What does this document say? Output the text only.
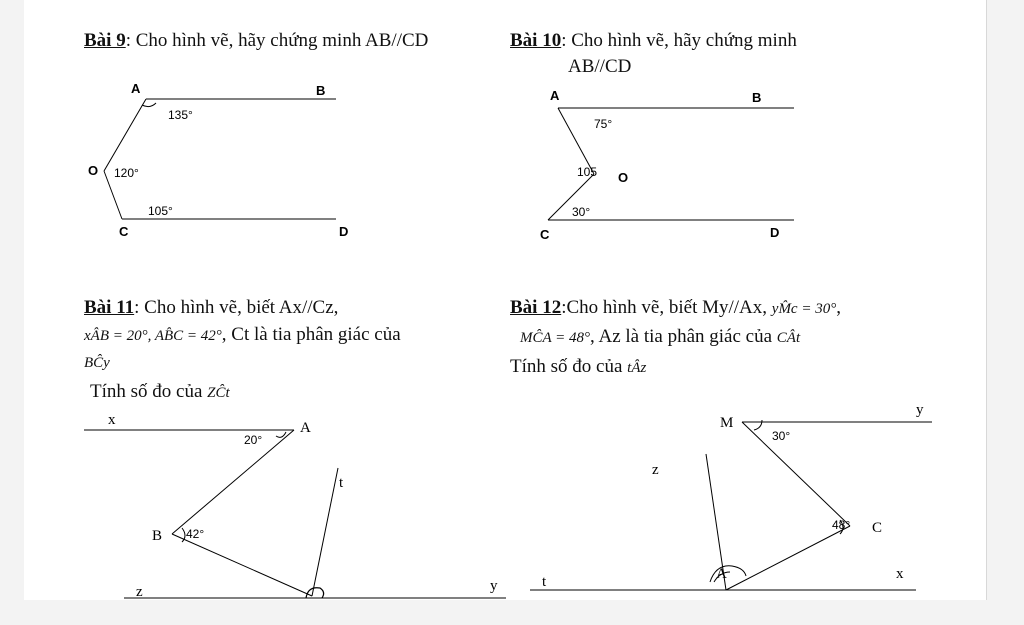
Bài 9: Cho hình vẽ, hãy chứng minh AB//CD
A	B
O
C	D
135°
120°
105°
Bài 10: Cho hình vẽ, hãy chứng minh
AB//CD
A	B
O
C	D
75°
105
30°
Bài 11: Cho hình vẽ, biết Ax//Cz,
xÂB = 20°, AB̂C = 42°, Ct là tia phân giác của
BĈy
Tính số đo của ZĈt
x	A
B
t
z	y
20°
42°
Bài 12:Cho hình vẽ, biết My//Ax, yM̂c = 30°,
MĈA = 48°, Az là tia phân giác của CÂt
Tính số đo của tÂz
M
y
z
C
A
t	x
30°
48°
